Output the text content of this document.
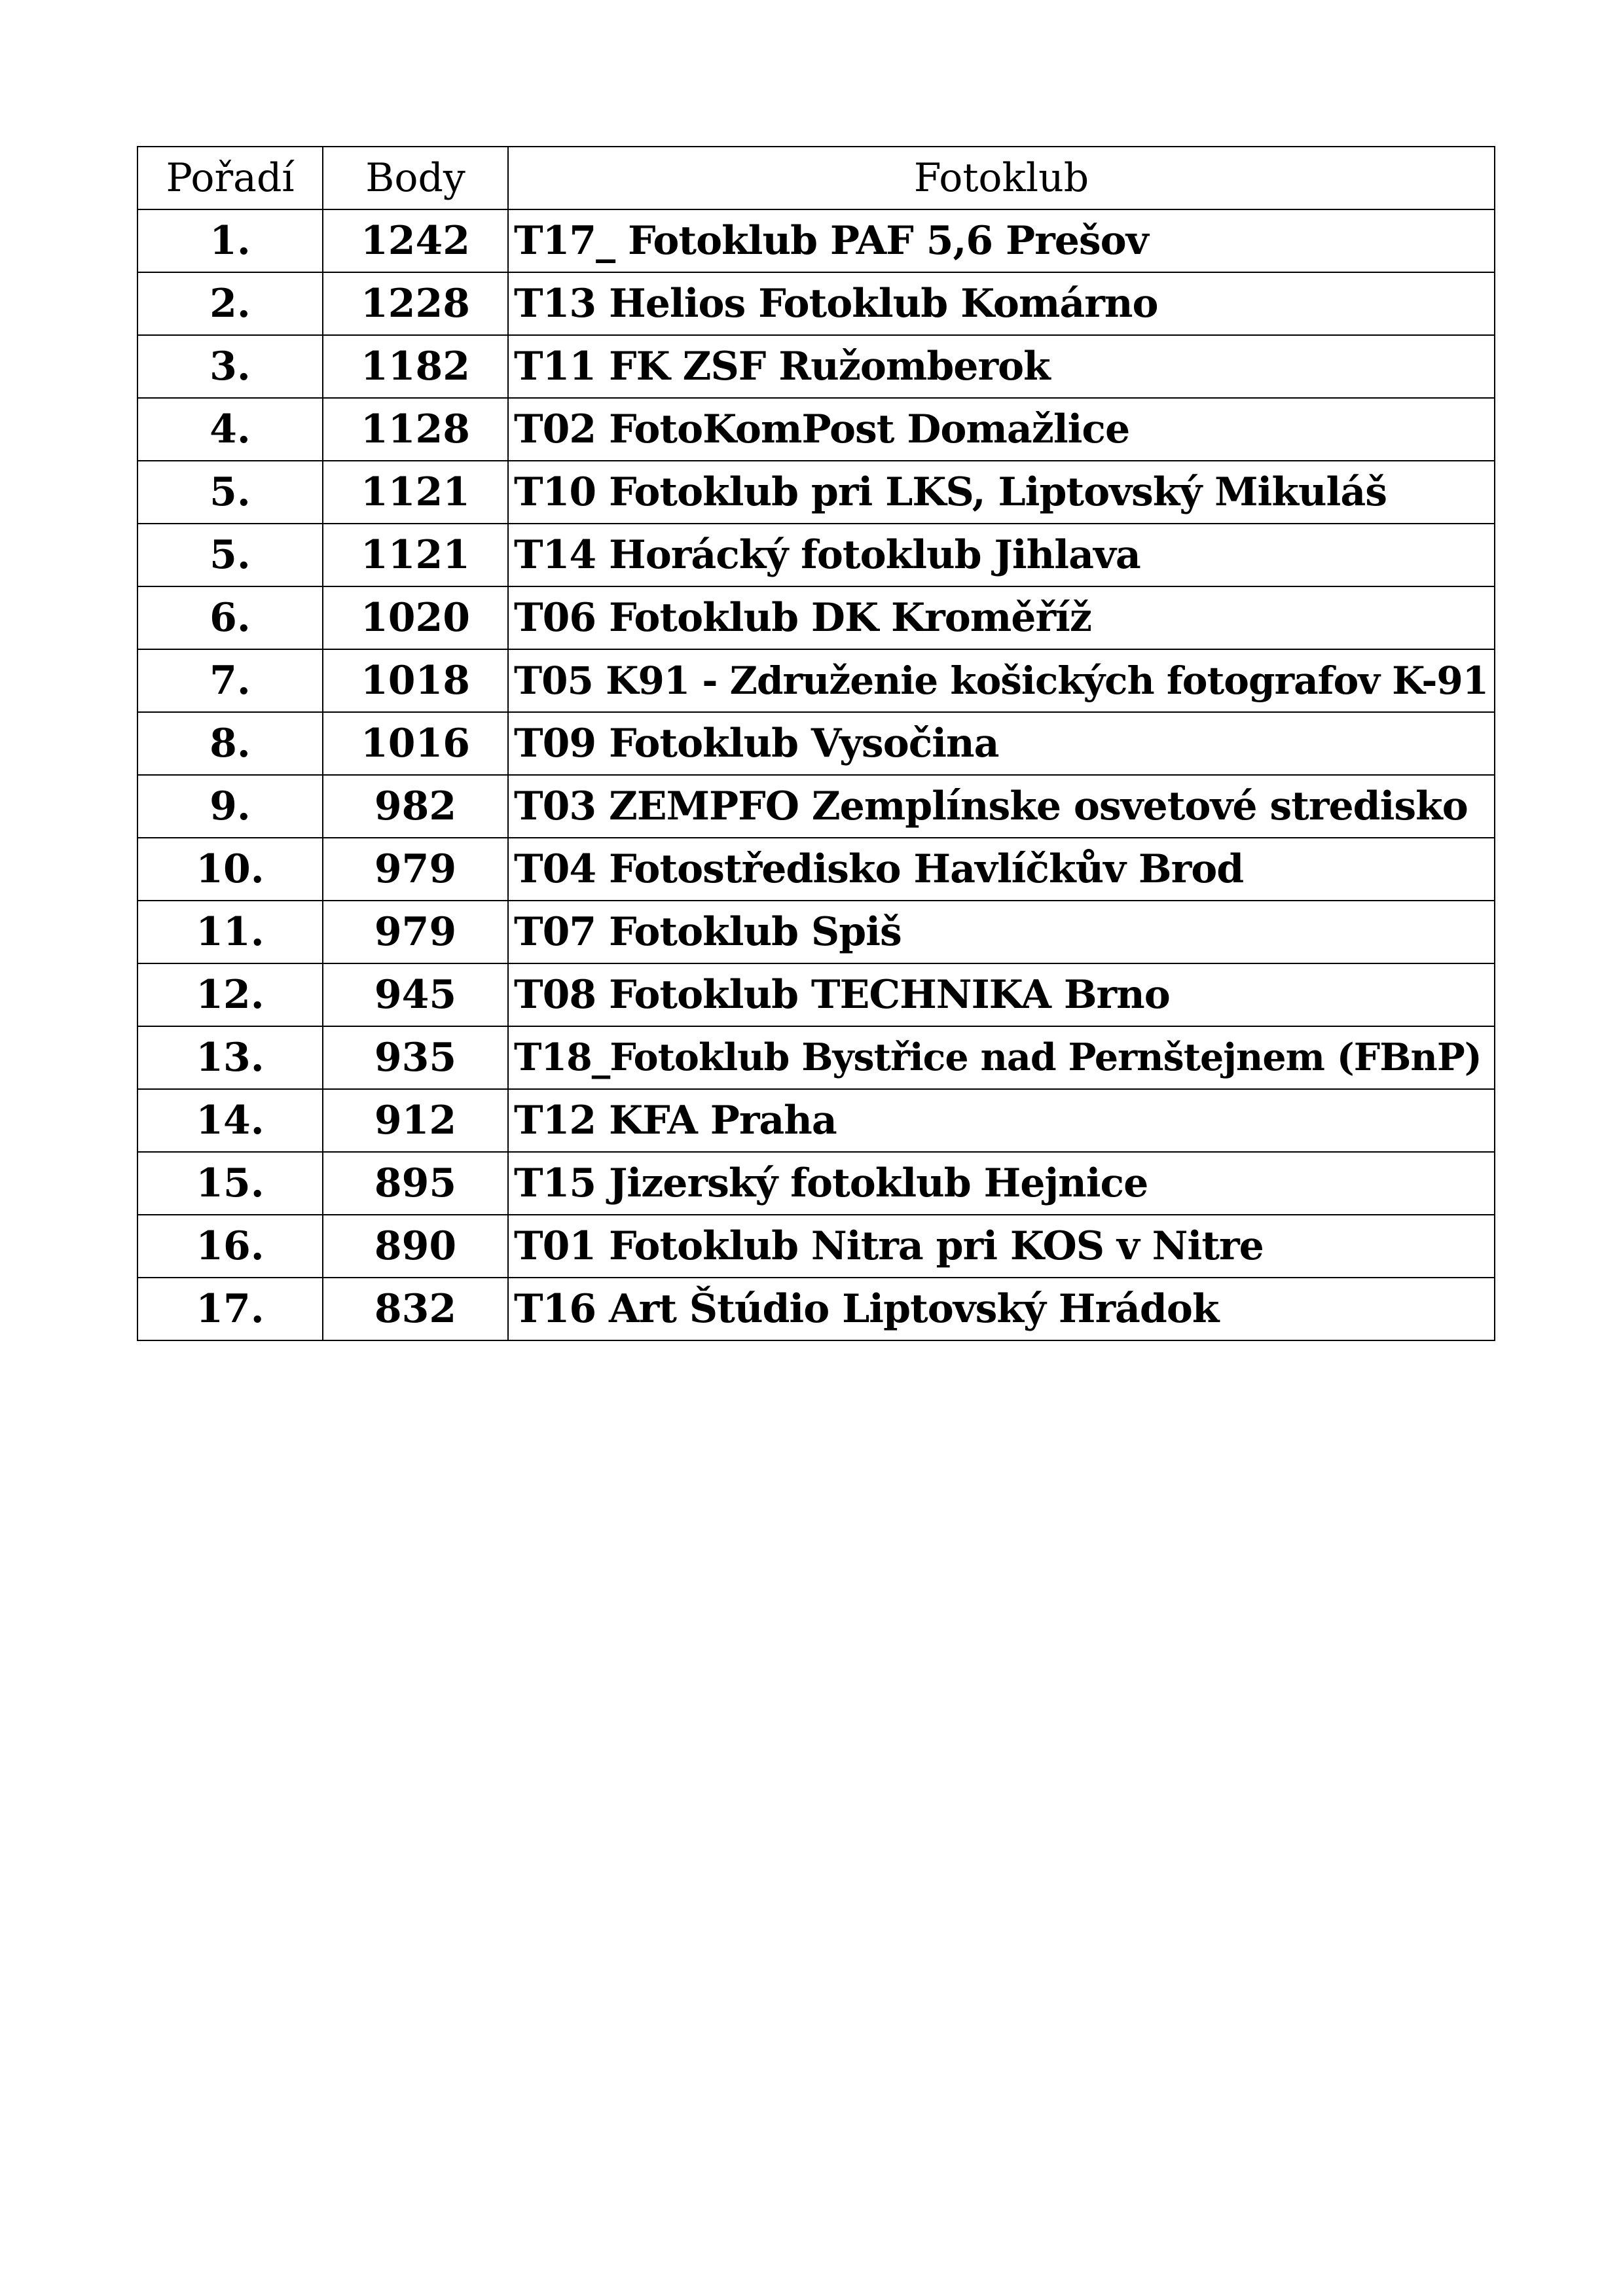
Pořadí	Body	Fotoklub
1.	1242	T17_ Fotoklub PAF 5,6 Prešov
2.	1228	T13 Helios Fotoklub Komárno
3.	1182	T11 FK ZSF Ružomberok
4.	1128	T02 FotoKomPost Domažlice
5.	1121	T10 Fotoklub pri LKS, Liptovský Mikuláš
5.	1121	T14 Horácký fotoklub Jihlava
6.	1020	T06 Fotoklub DK Kroměříž
7.	1018	T05 K91 - Združenie košických fotografov K-91
8.	1016	T09 Fotoklub Vysočina
9.	982	T03 ZEMPFO Zemplínske osvetové stredisko
10.	979	T04 Fotostředisko Havlíčkův Brod
11.	979	T07 Fotoklub Spiš
12.	945	T08 Fotoklub TECHNIKA Brno
13.	935	T18_Fotoklub Bystřice nad Pernštejnem (FBnP)
14.	912	T12 KFA Praha
15.	895	T15 Jizerský fotoklub Hejnice
16.	890	T01 Fotoklub Nitra pri KOS v Nitre
17.	832	T16 Art Štúdio Liptovský Hrádok
